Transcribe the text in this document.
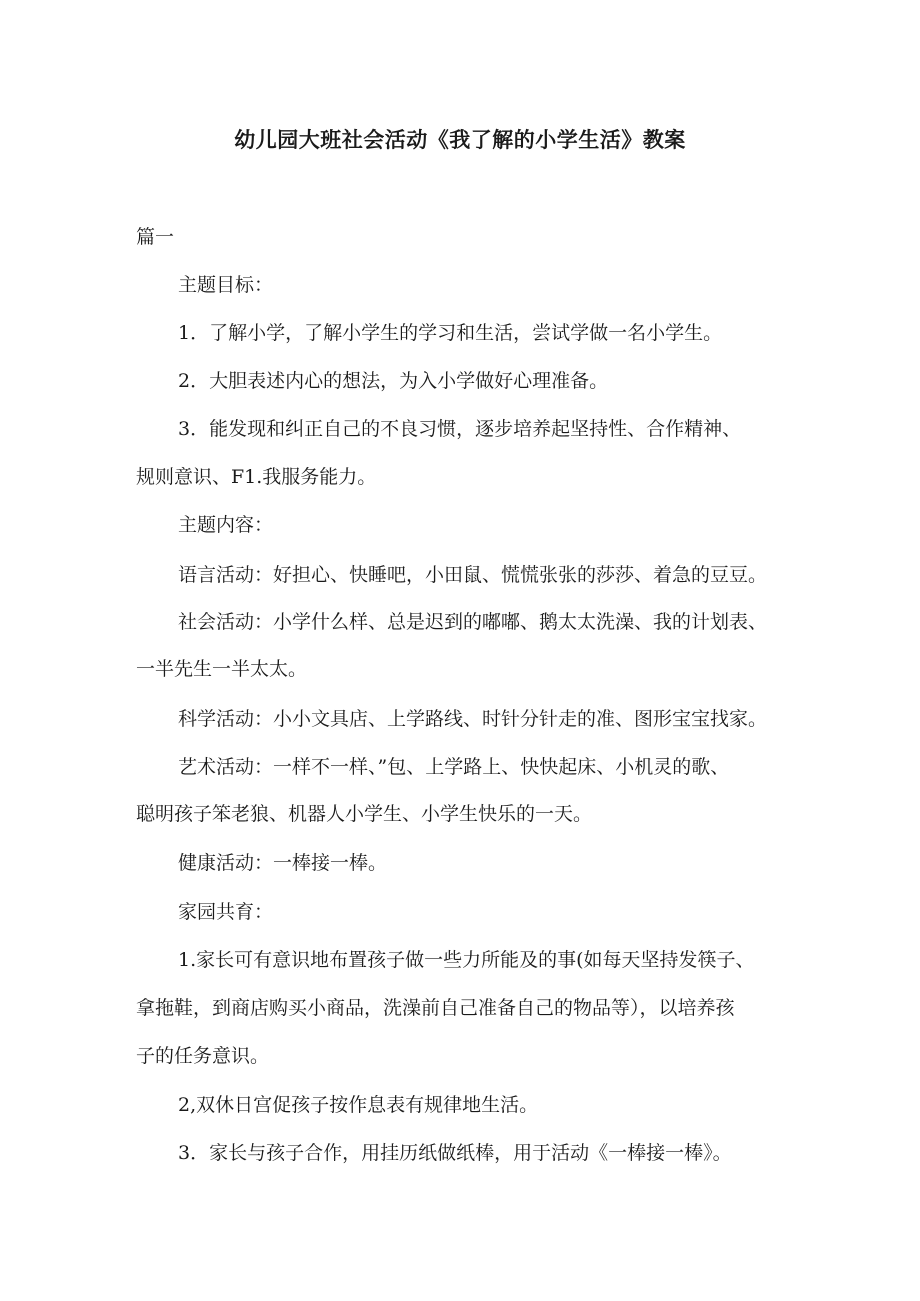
幼儿园大班社会活动《我了解的小学生活》教案

篇一

主题目标：

1．了解小学，了解小学生的学习和生活，尝试学做一名小学生。

2．大胆表述内心的想法，为入小学做好心理准备。

3．能发现和纠正自己的不良习惯，逐步培养起坚持性、合作精神、

规则意识、F1.我服务能力。

主题内容：

语言活动：好担心、快睡吧，小田鼠、慌慌张张的莎莎、着急的豆豆。

社会活动：小学什么样、总是迟到的嘟嘟、鹅太太洗澡、我的计划表、

一半先生一半太太。

科学活动：小小文具店、上学路线、时针分针走的准、图形宝宝找家。

艺术活动：一样不一样、”包、上学路上、快快起床、小机灵的歌、

聪明孩子笨老狼、机器人小学生、小学生快乐的一天。

健康活动：一棒接一棒。

家园共育：

1.家长可有意识地布置孩子做一些力所能及的事(如每天坚持发筷子、

拿拖鞋，到商店购买小商品，洗澡前自己准备自己的物品等），以培养孩

子的任务意识。

2,双休日宫促孩子按作息表有规律地生活。

3．家长与孩子合作，用挂历纸做纸棒，用于活动《一棒接一棒》。
